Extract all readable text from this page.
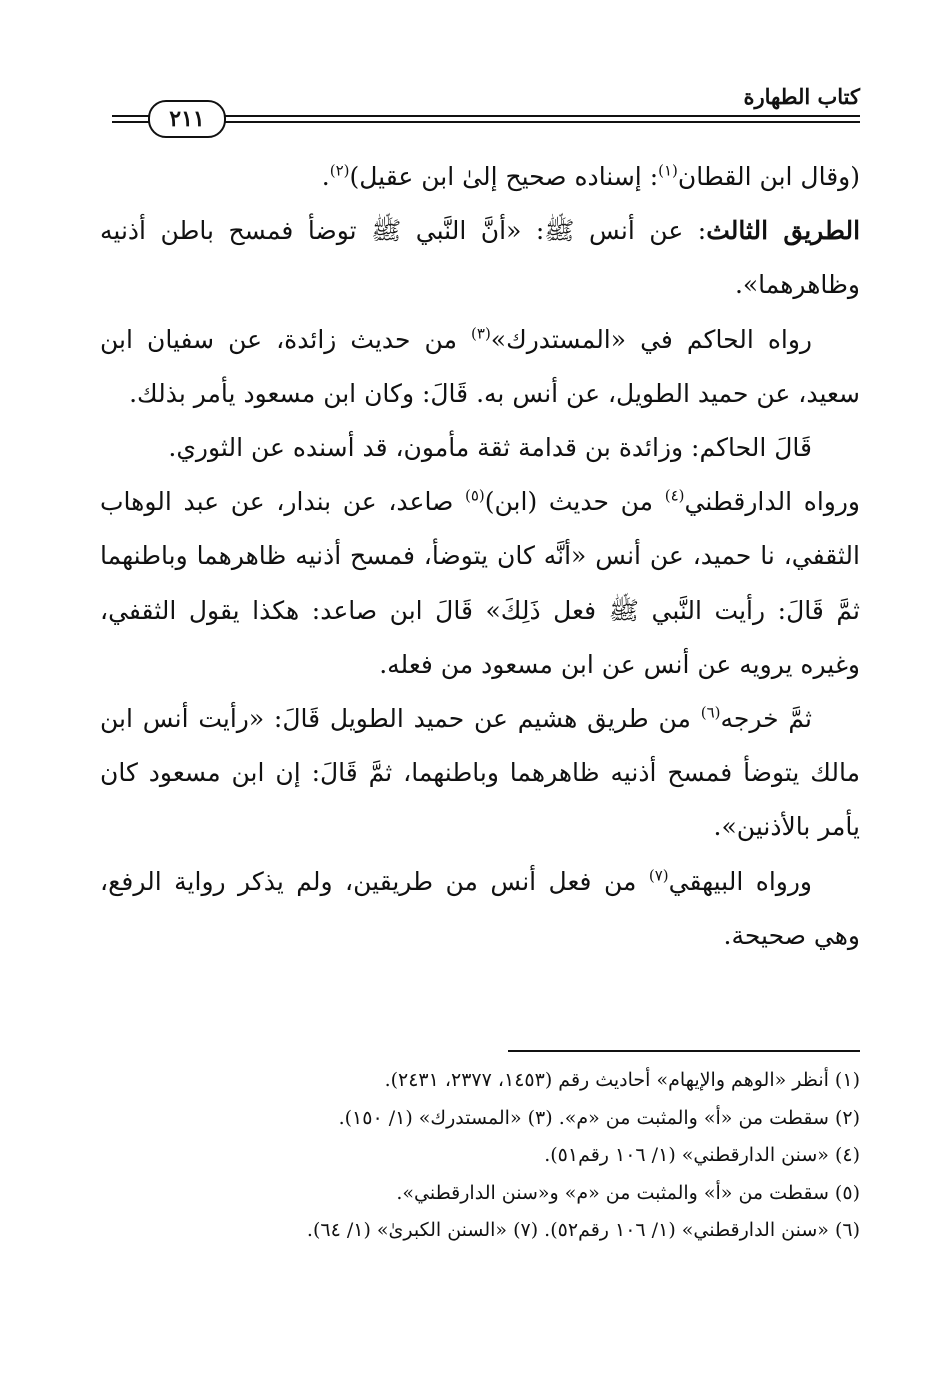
كتاب الطهارة
٢١١

(وقال ابن القطان$^{(١)}$: إسناده صحيح إلىٰ ابن عقيل)$^{(٢)}$.

الطريق الثالث: عن أنس ﷺ: «أنَّ النَّبي ﷺ توضأ فمسح باطن أذنيه وظاهرهما».

رواه الحاكم في «المستدرك»$^{(٣)}$ من حديث زائدة، عن سفيان ابن سعيد، عن حميد الطويل، عن أنس به. قَالَ: وكان ابن مسعود يأمر بذلك.

قَالَ الحاكم: وزائدة بن قدامة ثقة مأمون، قد أسنده عن الثوري.

ورواه الدارقطني$^{(٤)}$ من حديث (ابن)$^{(٥)}$ صاعد، عن بندار، عن عبد الوهاب الثقفي، نا حميد، عن أنس «أنَّه كان يتوضأ، فمسح أذنيه ظاهرهما وباطنهما ثمَّ قَالَ: رأيت النَّبي ﷺ فعل ذَلِكَ» قَالَ ابن صاعد: هكذا يقول الثقفي، وغيره يرويه عن أنس عن ابن مسعود من فعله.

ثمَّ خرجه$^{(٦)}$ من طريق هشيم عن حميد الطويل قَالَ: «رأيت أنس ابن مالك يتوضأ فمسح أذنيه ظاهرهما وباطنهما، ثمَّ قَالَ: إن ابن مسعود كان يأمر بالأذنين».

ورواه البيهقي$^{(٧)}$ من فعل أنس من طريقين، ولم يذكر رواية الرفع، وهي صحيحة.

(١) أنظر «الوهم والإيهام» أحاديث رقم (١٤٥٣، ٢٣٧٧، ٢٤٣١).
(٢) سقطت من «أ» والمثبت من «م». (٣) «المستدرك» (١/ ١٥٠).
(٤) «سنن الدارقطني» (١/ ١٠٦ رقم٥١).
(٥) سقطت من «أ» والمثبت من «م» و«سنن الدارقطني».
(٦) «سنن الدارقطني» (١/ ١٠٦ رقم٥٢). (٧) «السنن الكبرىٰ» (١/ ٦٤).
